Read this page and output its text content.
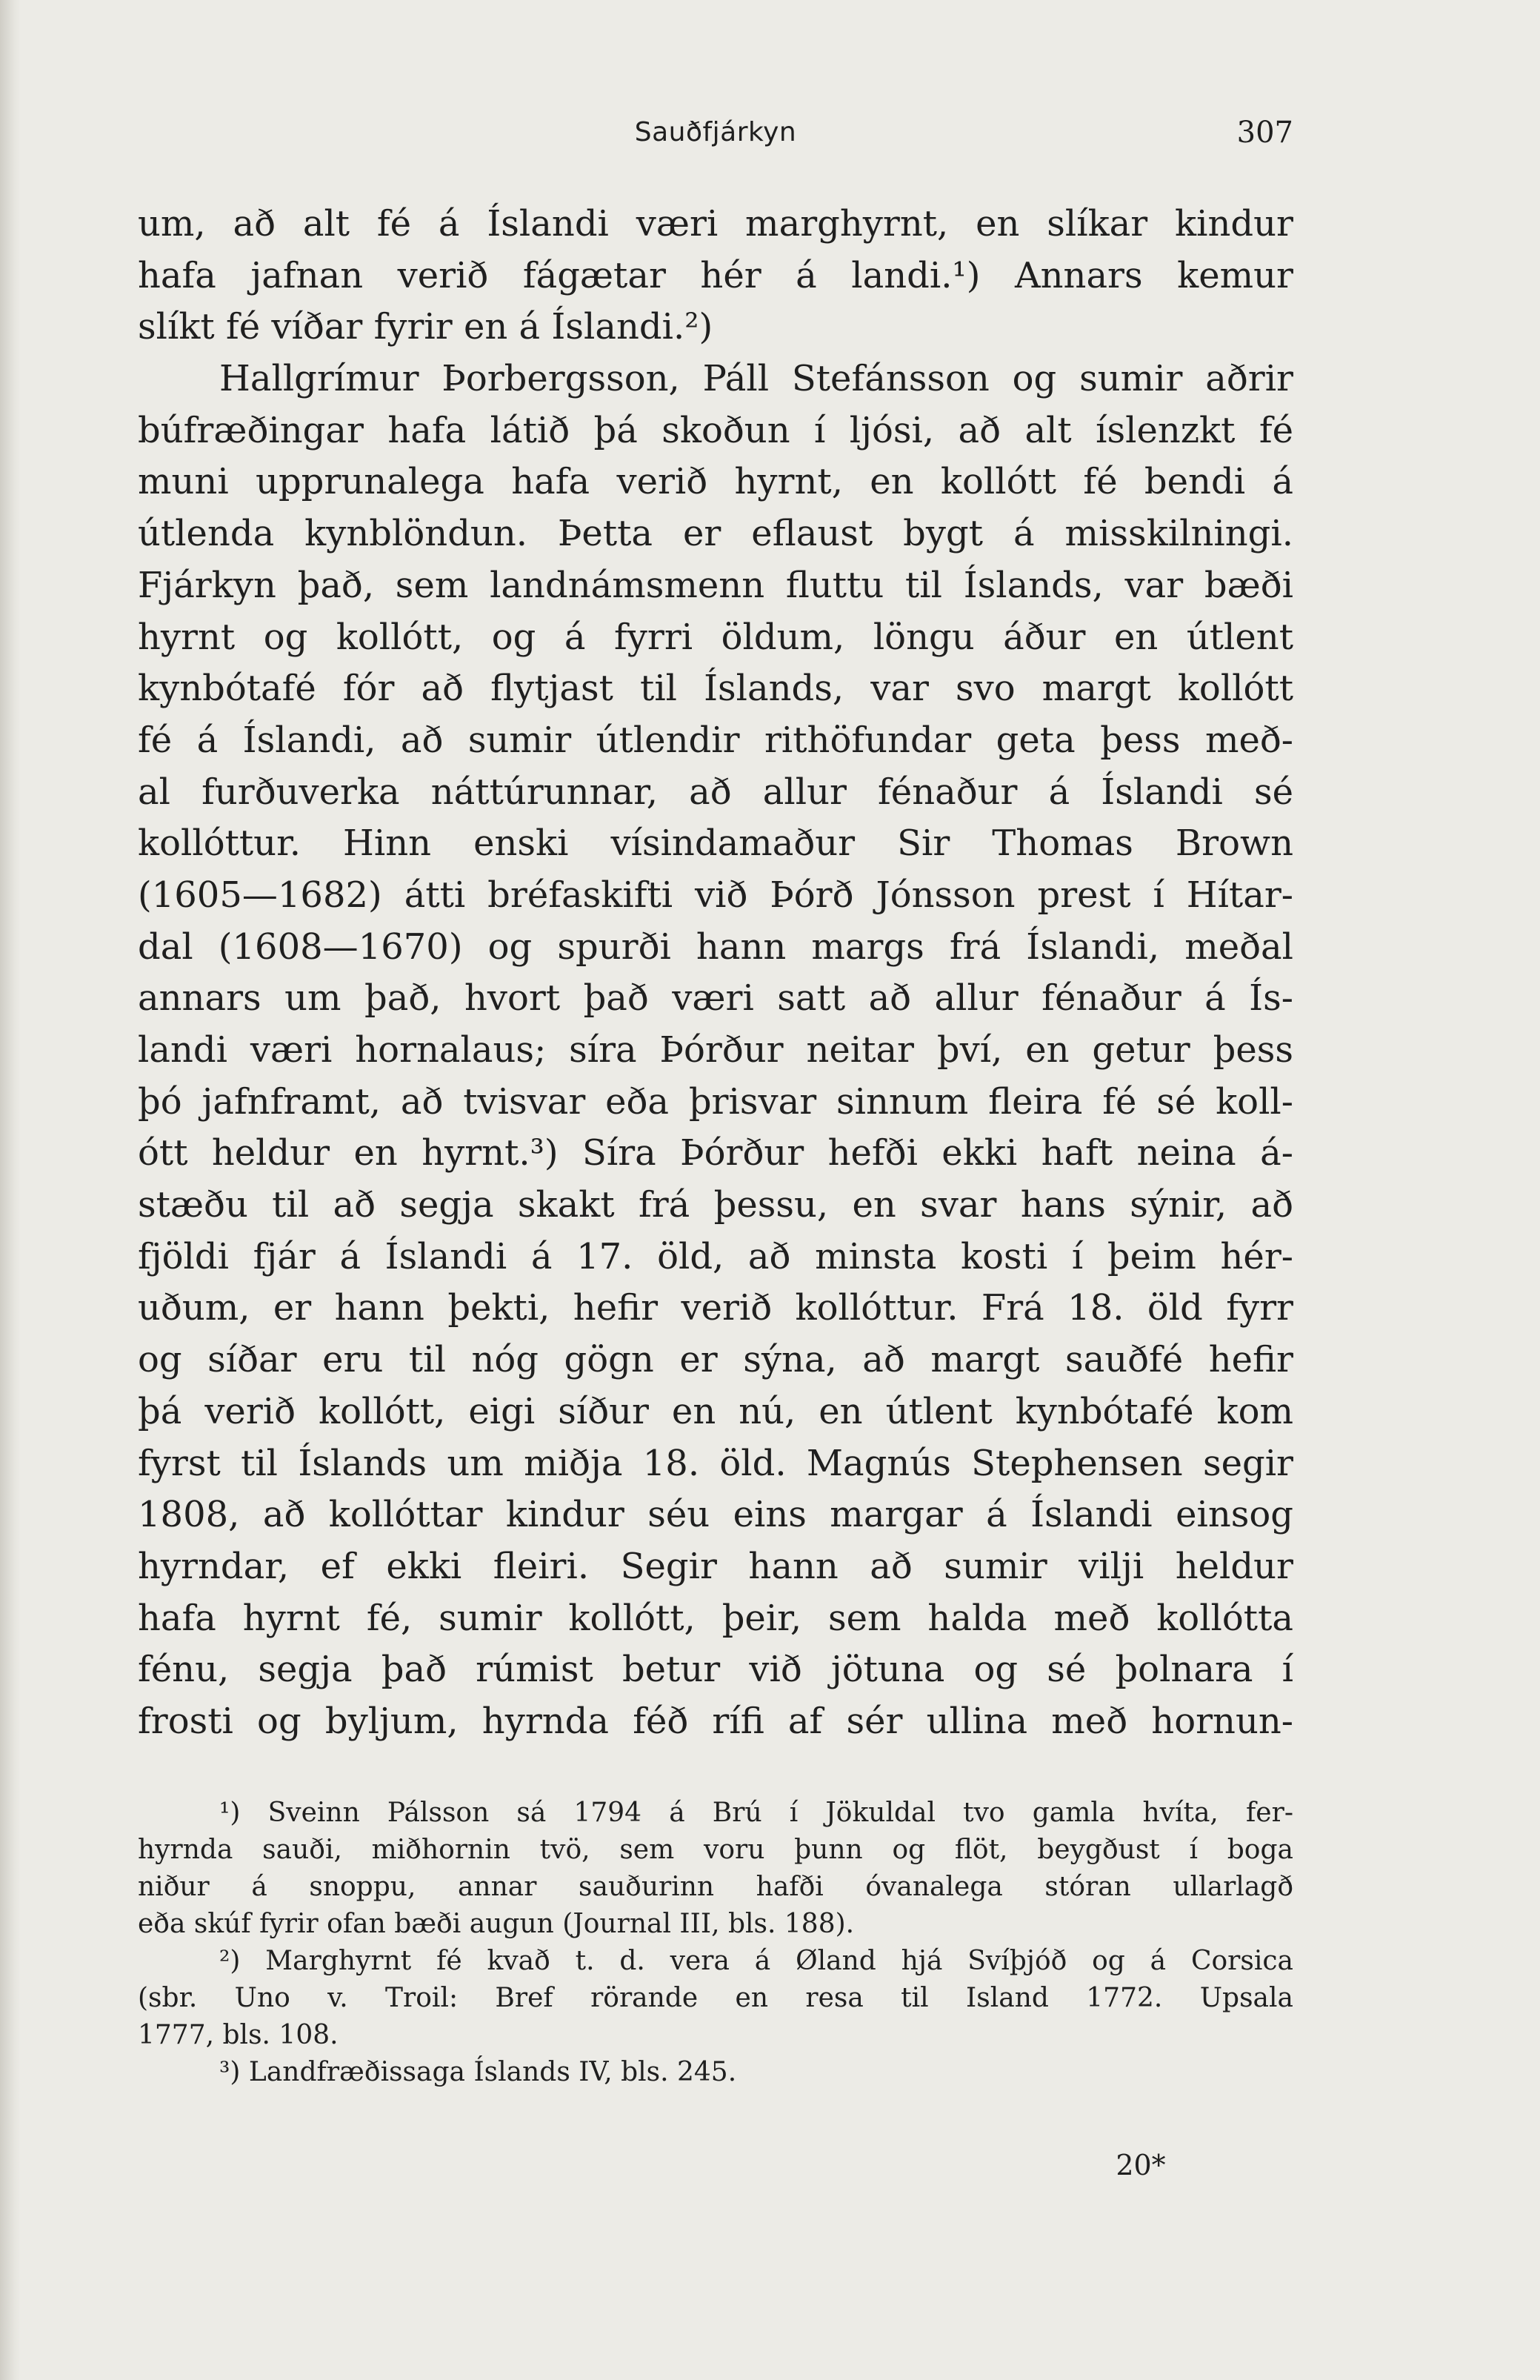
Sauðfjárkyn	307
um, að alt fé á Íslandi væri marghyrnt, en slíkar kindur
hafa jafnan verið fágætar hér á landi.¹) Annars kemur
slíkt fé víðar fyrir en á Íslandi.²)
Hallgrímur Þorbergsson, Páll Stefánsson og sumir aðrir
búfræðingar hafa látið þá skoðun í ljósi, að alt íslenzkt fé
muni upprunalega hafa verið hyrnt, en kollótt fé bendi á
útlenda kynblöndun. Þetta er eflaust bygt á misskilningi.
Fjárkyn það, sem landnámsmenn fluttu til Íslands, var bæði
hyrnt og kollótt, og á fyrri öldum, löngu áður en útlent
kynbótafé fór að flytjast til Íslands, var svo margt kollótt
fé á Íslandi, að sumir útlendir rithöfundar geta þess með-
al furðuverka náttúrunnar, að allur fénaður á Íslandi sé
kollóttur. Hinn enski vísindamaður Sir Thomas Brown
(1605—1682) átti bréfaskifti við Þórð Jónsson prest í Hítar-
dal (1608—1670) og spurði hann margs frá Íslandi, meðal
annars um það, hvort það væri satt að allur fénaður á Ís-
landi væri hornalaus; síra Þórður neitar því, en getur þess
þó jafnframt, að tvisvar eða þrisvar sinnum fleira fé sé koll-
ótt heldur en hyrnt.³) Síra Þórður hefði ekki haft neina á-
stæðu til að segja skakt frá þessu, en svar hans sýnir, að
fjöldi fjár á Íslandi á 17. öld, að minsta kosti í þeim hér-
uðum, er hann þekti, hefir verið kollóttur. Frá 18. öld fyrr
og síðar eru til nóg gögn er sýna, að margt sauðfé hefir
þá verið kollótt, eigi síður en nú, en útlent kynbótafé kom
fyrst til Íslands um miðja 18. öld. Magnús Stephensen segir
1808, að kollóttar kindur séu eins margar á Íslandi einsog
hyrndar, ef ekki fleiri. Segir hann að sumir vilji heldur
hafa hyrnt fé, sumir kollótt, þeir, sem halda með kollótta
fénu, segja það rúmist betur við jötuna og sé þolnara í
frosti og byljum, hyrnda féð rífi af sér ullina með hornun-
¹) Sveinn Pálsson sá 1794 á Brú í Jökuldal tvo gamla hvíta, fer-
hyrnda sauði, miðhornin tvö, sem voru þunn og flöt, beygðust í boga
niður á snoppu, annar sauðurinn hafði óvanalega stóran ullarlagð
eða skúf fyrir ofan bæði augun (Journal III, bls. 188).
²) Marghyrnt fé kvað t. d. vera á Øland hjá Svíþjóð og á Corsica
(sbr. Uno v. Troil: Bref rörande en resa til Island 1772. Upsala
1777, bls. 108.
³) Landfræðissaga Íslands IV, bls. 245.
20*
